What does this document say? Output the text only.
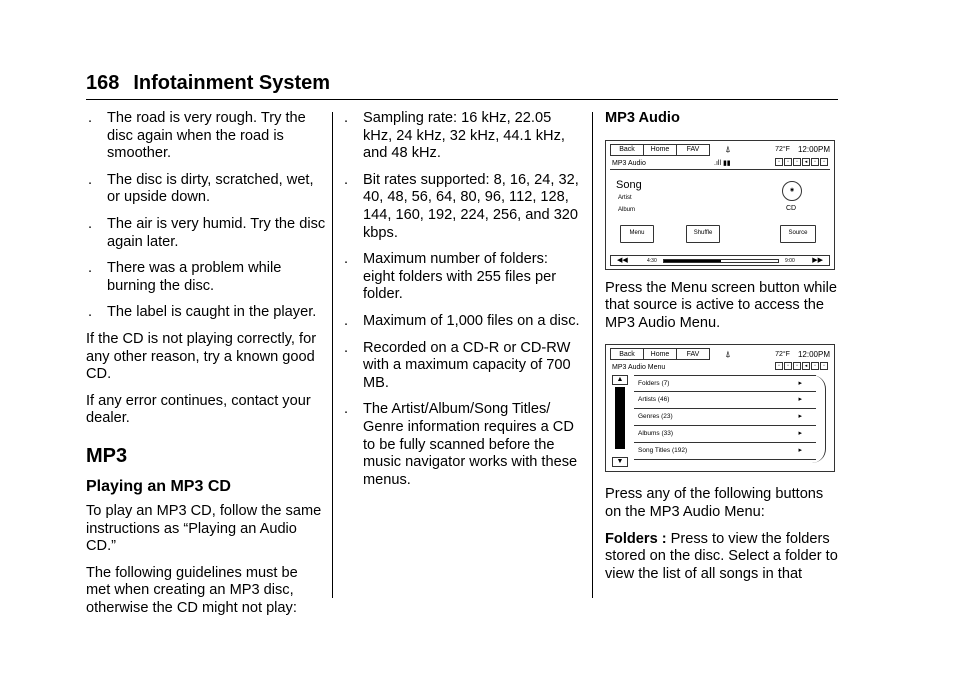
168 Infotainment System
. The road is very rough. Try the disc again when the road is smoother.
. The disc is dirty, scratched, wet, or upside down.
. The air is very humid. Try the disc again later.
. There was a problem while burning the disc.
. The label is caught in the player.
If the CD is not playing correctly, for any other reason, try a known good CD.
If any error continues, contact your dealer.
MP3
Playing an MP3 CD
To play an MP3 CD, follow the same instructions as “Playing an Audio CD.”
The following guidelines must be met when creating an MP3 disc, otherwise the CD might not play:
. Sampling rate: 16 kHz, 22.05 kHz, 24 kHz, 32 kHz, 44.1 kHz, and 48 kHz.
. Bit rates supported: 8, 16, 24, 32, 40, 48, 56, 64, 80, 96, 112, 128, 144, 160, 192, 224, 256, and 320 kbps.
. Maximum number of folders: eight folders with 255 files per folder.
. Maximum of 1,000 files on a disc.
. Recorded on a CD-R or CD-RW with a maximum capacity of 700 MB.
. The Artist/Album/Song Titles/ Genre information requires a CD to be fully scanned before the music navigator works with these menus.
MP3 Audio
Back	Home	FAV	⍋	72°F 12:00PM
MP3 Audio	.ıll ▮▮	▫	▫	▫	◂	▫	▫
Song
Artist
Album
◉
CD
Menu	Shuffle	Source
◀◀	4:30	9:00 ▶▶
Press the Menu screen button while that source is active to access the MP3 Audio Menu.
Back	Home	FAV	⍋	72°F 12:00PM
MP3 Audio Menu	▫	▫	▫	◂	▫	▫
▲
▼
Folders (7)	▸
Artists (46)	▸
Genres (23)	▸
Albums (33)	▸
Song Titles (192)	▸
Press any of the following buttons on the MP3 Audio Menu:
Folders : Press to view the folders stored on the disc. Select a folder to view the list of all songs in that
